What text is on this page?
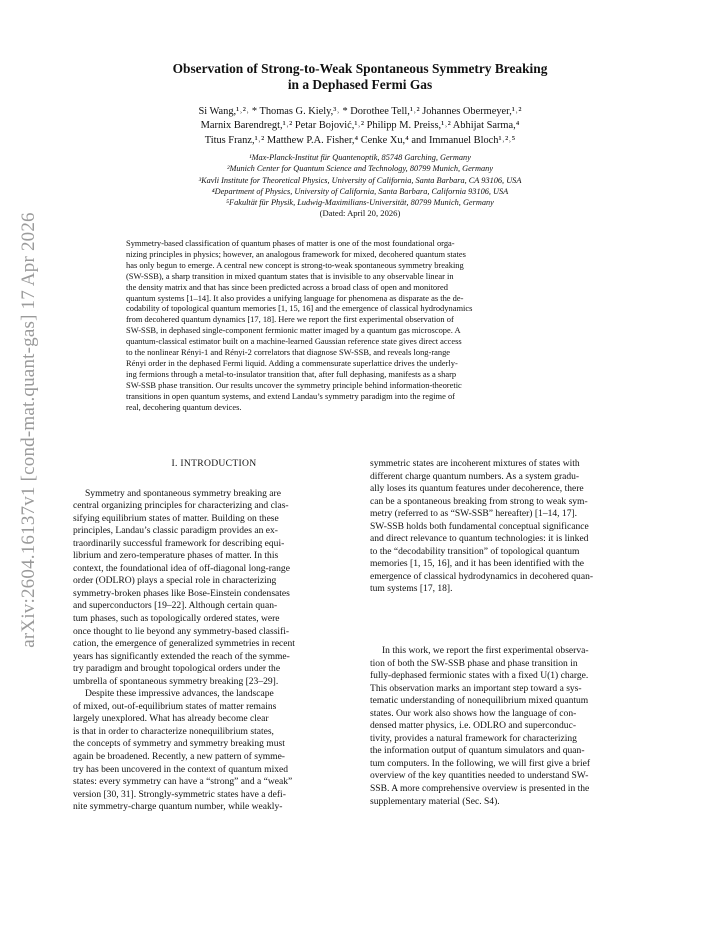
arXiv:2604.16137v1 [cond-mat.quant-gas] 17 Apr 2026
Observation of Strong-to-Weak Spontaneous Symmetry Breaking
in a Dephased Fermi Gas
Si Wang,¹˒²˒ * Thomas G. Kiely,³˒ * Dorothee Tell,¹˒² Johannes Obermeyer,¹˒²
Marnix Barendregt,¹˒² Petar Bojović,¹˒² Philipp M. Preiss,¹˒² Abhijat Sarma,⁴
Titus Franz,¹˒² Matthew P.A. Fisher,⁴ Cenke Xu,⁴ and Immanuel Bloch¹˒²˒⁵
¹Max-Planck-Institut für Quantenoptik, 85748 Garching, Germany
²Munich Center for Quantum Science and Technology, 80799 Munich, Germany
³Kavli Institute for Theoretical Physics, University of California, Santa Barbara, CA 93106, USA
⁴Department of Physics, University of California, Santa Barbara, California 93106, USA
⁵Fakultät für Physik, Ludwig-Maximilians-Universität, 80799 Munich, Germany
(Dated: April 20, 2026)
Symmetry-based classification of quantum phases of matter is one of the most foundational orga-
nizing principles in physics; however, an analogous framework for mixed, decohered quantum states
has only begun to emerge. A central new concept is strong-to-weak spontaneous symmetry breaking
(SW-SSB), a sharp transition in mixed quantum states that is invisible to any observable linear in
the density matrix and that has since been predicted across a broad class of open and monitored
quantum systems [1–14]. It also provides a unifying language for phenomena as disparate as the de-
codability of topological quantum memories [1, 15, 16] and the emergence of classical hydrodynamics
from decohered quantum dynamics [17, 18]. Here we report the first experimental observation of
SW-SSB, in dephased single-component fermionic matter imaged by a quantum gas microscope. A
quantum-classical estimator built on a machine-learned Gaussian reference state gives direct access
to the nonlinear Rényi-1 and Rényi-2 correlators that diagnose SW-SSB, and reveals long-range
Rényi order in the dephased Fermi liquid. Adding a commensurate superlattice drives the underly-
ing fermions through a metal-to-insulator transition that, after full dephasing, manifests as a sharp
SW-SSB phase transition. Our results uncover the symmetry principle behind information-theoretic
transitions in open quantum systems, and extend Landau’s symmetry paradigm into the regime of
real, decohering quantum devices.
I. INTRODUCTION
Symmetry and spontaneous symmetry breaking are
central organizing principles for characterizing and clas-
sifying equilibrium states of matter. Building on these
principles, Landau’s classic paradigm provides an ex-
traordinarily successful framework for describing equi-
librium and zero-temperature phases of matter. In this
context, the foundational idea of off-diagonal long-range
order (ODLRO) plays a special role in characterizing
symmetry-broken phases like Bose-Einstein condensates
and superconductors [19–22]. Although certain quan-
tum phases, such as topologically ordered states, were
once thought to lie beyond any symmetry-based classifi-
cation, the emergence of generalized symmetries in recent
years has significantly extended the reach of the symme-
try paradigm and brought topological orders under the
umbrella of spontaneous symmetry breaking [23–29].
Despite these impressive advances, the landscape
of mixed, out-of-equilibrium states of matter remains
largely unexplored. What has already become clear
is that in order to characterize nonequilibrium states,
the concepts of symmetry and symmetry breaking must
again be broadened. Recently, a new pattern of symme-
try has been uncovered in the context of quantum mixed
states: every symmetry can have a “strong” and a “weak”
version [30, 31]. Strongly-symmetric states have a defi-
nite symmetry-charge quantum number, while weakly-
symmetric states are incoherent mixtures of states with
different charge quantum numbers. As a system gradu-
ally loses its quantum features under decoherence, there
can be a spontaneous breaking from strong to weak sym-
metry (referred to as “SW-SSB” hereafter) [1–14, 17].
SW-SSB holds both fundamental conceptual significance
and direct relevance to quantum technologies: it is linked
to the “decodability transition” of topological quantum
memories [1, 15, 16], and it has been identified with the
emergence of classical hydrodynamics in decohered quan-
tum systems [17, 18].
In this work, we report the first experimental observa-
tion of both the SW-SSB phase and phase transition in
fully-dephased fermionic states with a fixed U(1) charge.
This observation marks an important step toward a sys-
tematic understanding of nonequilibrium mixed quantum
states. Our work also shows how the language of con-
densed matter physics, i.e. ODLRO and superconduc-
tivity, provides a natural framework for characterizing
the information output of quantum simulators and quan-
tum computers. In the following, we will first give a brief
overview of the key quantities needed to understand SW-
SSB. A more comprehensive overview is presented in the
supplementary material (Sec. S4).
